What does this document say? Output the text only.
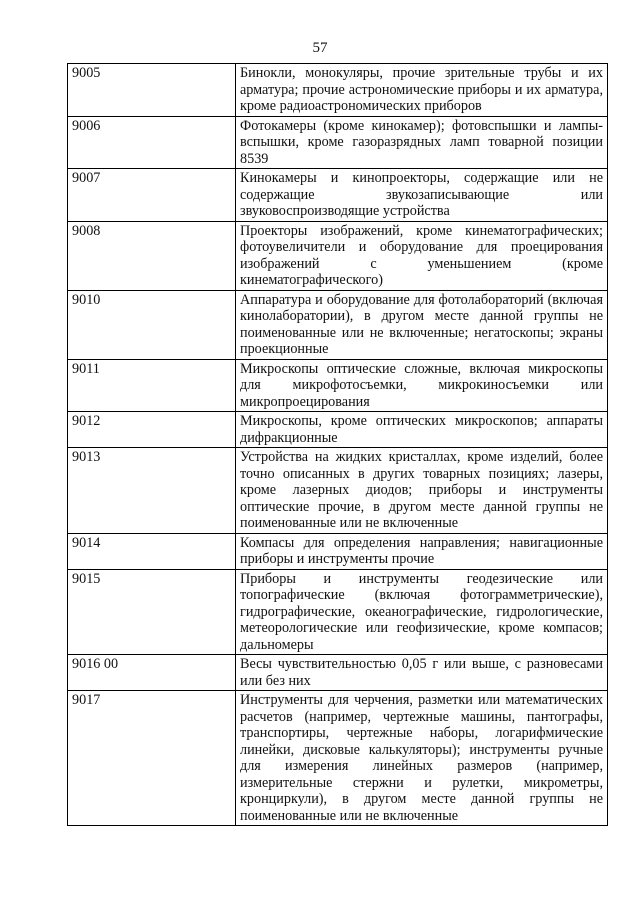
57
9005	Бинокли, монокуляры, прочие зрительные трубы и их арматура; прочие астрономические приборы и их арматура, кроме радиоастрономических приборов
9006	Фотокамеры (кроме кинокамер); фотовспышки и лампы-вспышки, кроме газоразрядных ламп товарной позиции 8539
9007	Кинокамеры и кинопроекторы, содержащие или не содержащие звукозаписывающие или звуковоспроизводящие устройства
9008	Проекторы изображений, кроме кинематографических; фотоувеличители и оборудование для проецирования изображений с уменьшением (кроме кинематографического)
9010	Аппаратура и оборудование для фотолабораторий (включая кинолаборатории), в другом месте данной группы не поименованные или не включенные; негатоскопы; экраны проекционные
9011	Микроскопы оптические сложные, включая микроскопы для микрофотосъемки, микрокиносъемки или микропроецирования
9012	Микроскопы, кроме оптических микроскопов; аппараты дифракционные
9013	Устройства на жидких кристаллах, кроме изделий, более точно описанных в других товарных позициях; лазеры, кроме лазерных диодов; приборы и инструменты оптические прочие, в другом месте данной группы не поименованные или не включенные
9014	Компасы для определения направления; навигационные приборы и инструменты прочие
9015	Приборы и инструменты геодезические или топографические (включая фотограмметрические), гидрографические, океанографические, гидрологические, метеорологические или геофизические, кроме компасов; дальномеры
9016 00	Весы чувствительностью 0,05 г или выше, с разновесами или без них
9017	Инструменты для черчения, разметки или математических расчетов (например, чертежные машины, пантографы, транспортиры, чертежные наборы, логарифмические линейки, дисковые калькуляторы); инструменты ручные для измерения линейных размеров (например, измерительные стержни и рулетки, микрометры, кронциркули), в другом месте данной группы не поименованные или не включенные
